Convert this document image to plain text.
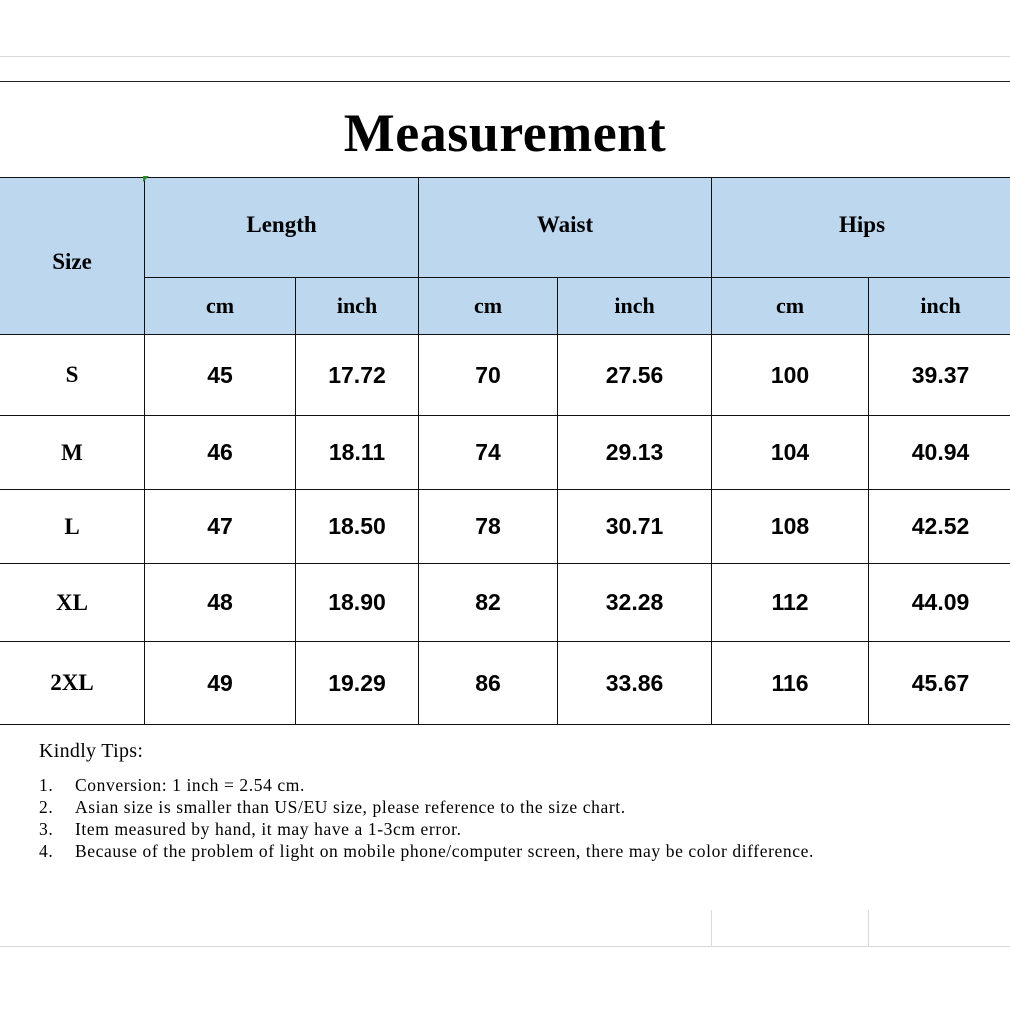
Measurement
Size	Length		Waist		Hips	
	cm	inch	cm	inch	cm	inch
S	45	17.72	70	27.56	100	39.37
M	46	18.11	74	29.13	104	40.94
L	47	18.50	78	30.71	108	42.52
XL	48	18.90	82	32.28	112	44.09
2XL	49	19.29	86	33.86	116	45.67
Kindly Tips:
1.	Conversion: 1 inch = 2.54 cm.
2.	Asian size is smaller than US/EU size, please reference to the size chart.
3.	Item measured by hand, it may have a 1-3cm error.
4.	Because of the problem of light on mobile phone/computer screen, there may be color difference.
